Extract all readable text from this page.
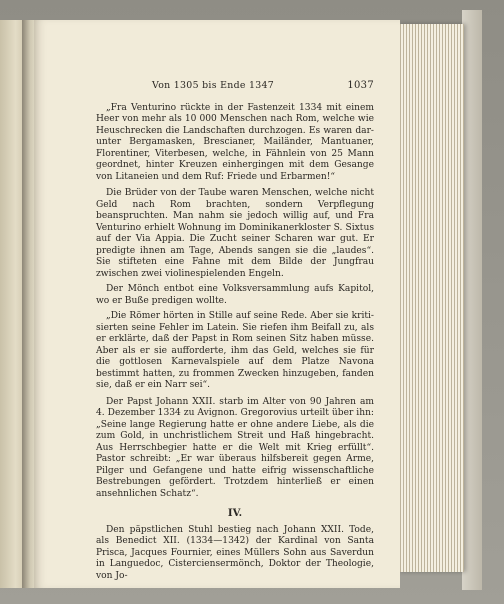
Von 1305 bis Ende 1347	1037

„Fra Venturino rückte in der Fastenzeit 1334 mit einem Heer von mehr als 10 000 Menschen nach Rom, welche wie Heuschrecken die Landschaften durchzogen. Es waren darunter Bergamasken, Brescianer, Mailänder, Mantuaner, Florentiner, Viterbesen, welche, in Fähnlein von 25 Mann geordnet, hinter Kreuzen einhergingen mit dem Gesange von Litaneien und dem Ruf: Friede und Erbarmen!“

Die Brüder von der Taube waren Menschen, welche nicht Geld nach Rom brachten, sondern Verpflegung beanspruchten. Man nahm sie jedoch willig auf, und Fra Venturino erhielt Wohnung im Dominikanerkloster S. Sixtus auf der Via Appia. Die Zucht seiner Scharen war gut. Er predigte ihnen am Tage, Abends sangen sie die „laudes“. Sie stifteten eine Fahne mit dem Bilde der Jungfrau zwischen zwei violinespielenden Engeln.

Der Mönch entbot eine Volksversammlung aufs Kapitol, wo er Buße predigen wollte.

„Die Römer hörten in Stille auf seine Rede. Aber sie kritisierten seine Fehler im Latein. Sie riefen ihm Beifall zu, als er erklärte, daß der Papst in Rom seinen Sitz haben müsse. Aber als er sie aufforderte, ihm das Geld, welches sie für die gottlosen Karnevalspiele auf dem Platze Navona bestimmt hatten, zu frommen Zwecken hinzugeben, fanden sie, daß er ein Narr sei“.

Der Papst Johann XXII. starb im Alter von 90 Jahren am 4. Dezember 1334 zu Avignon. Gregorovius urteilt über ihn: „Seine lange Regierung hatte er ohne andere Liebe, als die zum Gold, in unchristlichem Streit und Haß hingebracht. Aus Herrschbegier hatte er die Welt mit Krieg erfüllt“. Pastor schreibt: „Er war überaus hilfsbereit gegen Arme, Pilger und Gefangene und hatte eifrig wissenschaftliche Bestrebungen gefördert. Trotzdem hinterließ er einen ansehnlichen Schatz“.

IV.

Den päpstlichen Stuhl bestieg nach Johann XXII. Tode, als Benedict XII. (1334—1342) der Kardinal von Santa Prisca, Jacques Fournier, eines Müllers Sohn aus Saverdun in Languedoc, Cisterciensermönch, Doktor der Theologie, von Jo-
